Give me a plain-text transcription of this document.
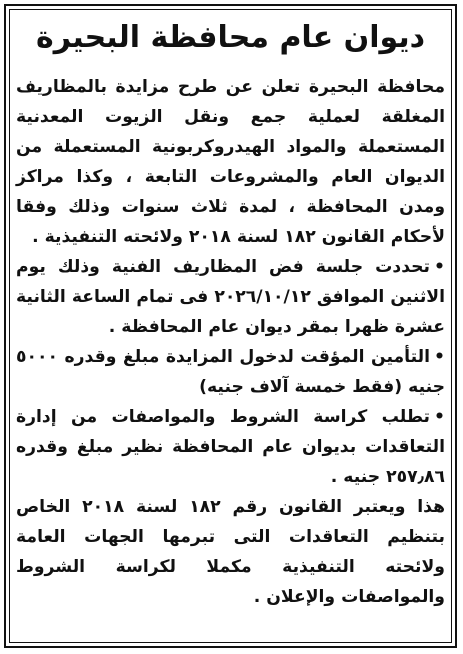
ديوان عام محافظة البحيرة

محافظة البحيرة تعلن عن طرح مزايدة بالمظاريف المغلقة لعملية جمع ونقل الزيوت المعدنية المستعملة والمواد الهيدروكربونية المستعملة من الديوان العام والمشروعات التابعة ، وكذا مراكز ومدن المحافظة ، لمدة ثلاث سنوات وذلك وفقا لأحكام القانون ١٨٢ لسنة ٢٠١٨ ولائحته التنفيذية .

•تحددت جلسة فض المظاريف الفنية وذلك يوم الاثنين الموافق ٢٠٢٦/١٠/١٢ فى تمام الساعة الثانية عشرة ظهرا بمقر ديوان عام المحافظة .

•التأمين المؤقت لدخول المزايدة مبلغ وقدره ٥٠٠٠ جنيه (فقط خمسة آلاف جنيه)

•تطلب كراسة الشروط والمواصفات من إدارة التعاقدات بديوان عام المحافظة نظير مبلغ وقدره ٢٥٧٫٨٦ جنيه .

هذا ويعتبر القانون رقم ١٨٢ لسنة ٢٠١٨ الخاص بتنظيم التعاقدات التى تبرمها الجهات العامة ولائحته التنفيذية مكملا لكراسة الشروط والمواصفات والإعلان .
